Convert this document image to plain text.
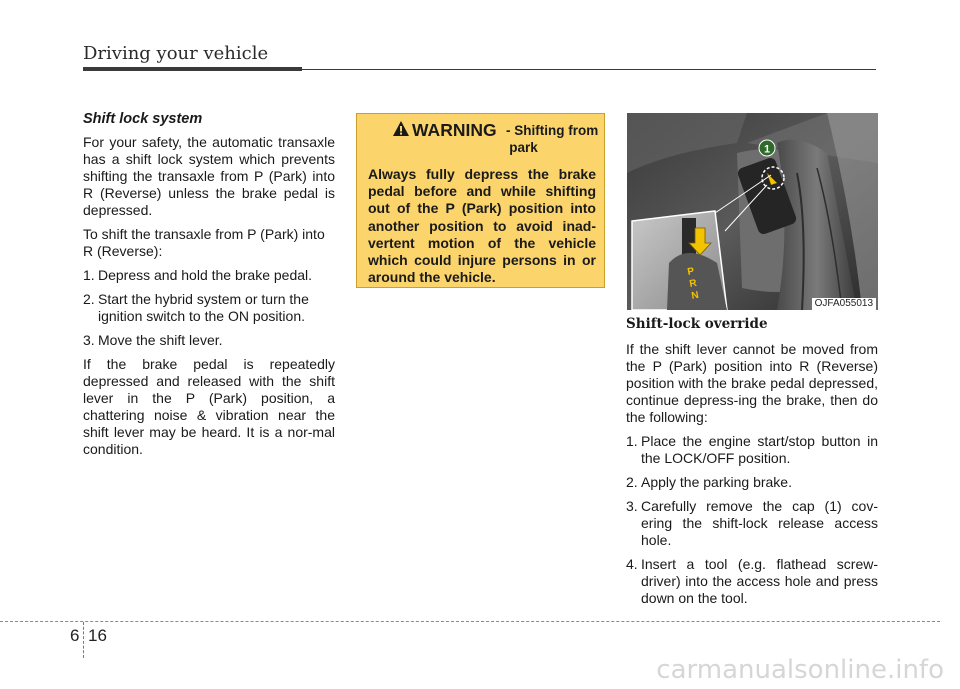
Driving your vehicle
Shift lock system

For your safety, the automatic transaxle has a shift lock system which prevents shifting the transaxle from P (Park) into R (Reverse) unless the brake pedal is depressed.

To shift the transaxle from P (Park) into R (Reverse):

1. Depress and hold the brake pedal.
2. Start the hybrid system or turn the ignition switch to the ON position.
3. Move the shift lever.

If the brake pedal is repeatedly depressed and released with the shift lever in the P (Park) position, a chattering noise & vibration near the shift lever may be heard. It is a nor-mal condition.

WARNING - Shifting from
park
Always fully depress the brake pedal before and while shifting out of the P (Park) position into another position to avoid inad-vertent motion of the vehicle which could injure persons in or around the vehicle.
1
P
R
N
OJFA055013
Shift-lock override

If the shift lever cannot be moved from the P (Park) position into R (Reverse) position with the brake pedal depressed, continue depress-ing the brake, then do the following:

1. Place the engine start/stop button in the LOCK/OFF position.
2. Apply the parking brake.
3. Carefully remove the cap (1) cov-ering the shift-lock release access hole.
4. Insert a tool (e.g. flathead screw-driver) into the access hole and press down on the tool.
6 16
carmanualsonline.info
